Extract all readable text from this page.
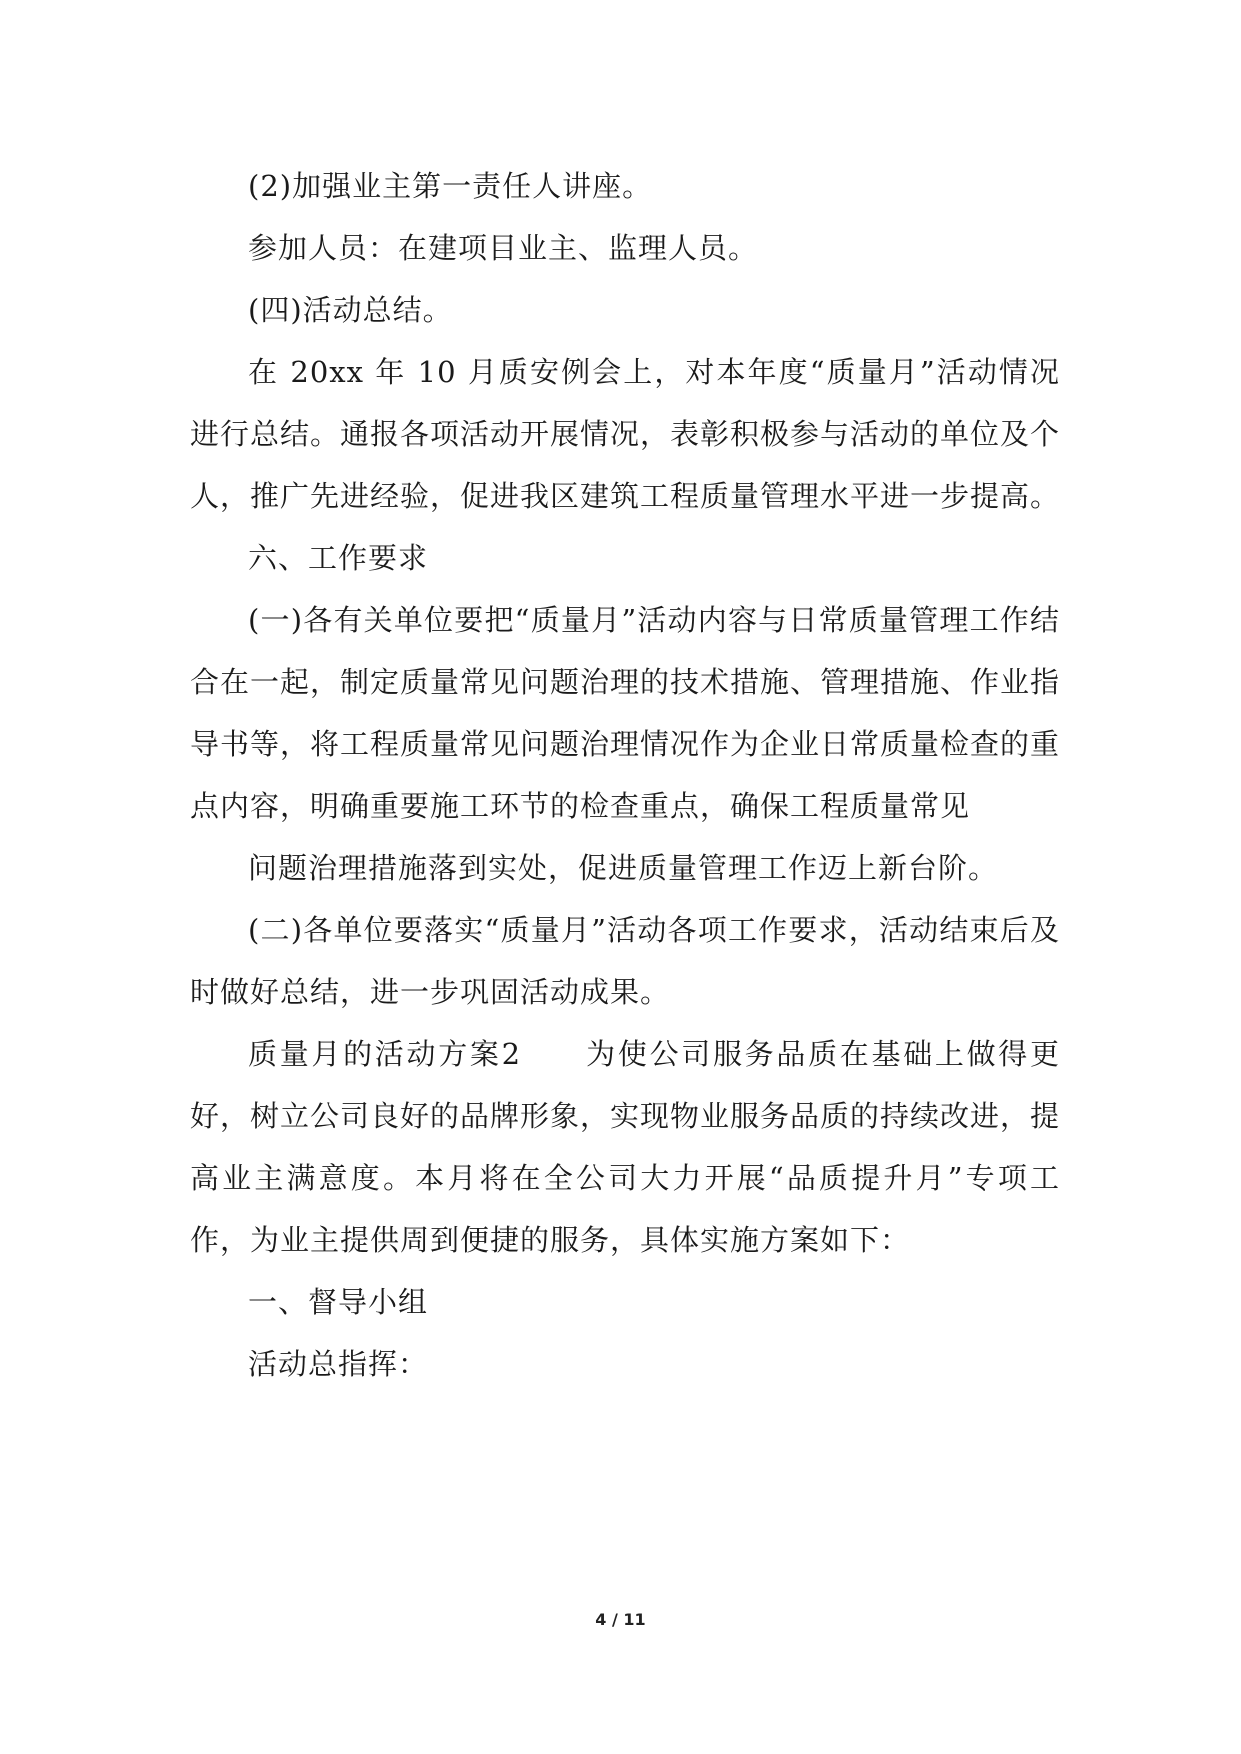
(2)加强业主第一责任人讲座。

参加人员：在建项目业主、监理人员。

(四)活动总结。

在 20xx 年 10 月质安例会上，对本年度“质量月”活动情况进行总结。通报各项活动开展情况，表彰积极参与活动的单位及个人，推广先进经验，促进我区建筑工程质量管理水平进一步提高。

六、工作要求

(一)各有关单位要把“质量月”活动内容与日常质量管理工作结合在一起，制定质量常见问题治理的技术措施、管理措施、作业指导书等，将工程质量常见问题治理情况作为企业日常质量检查的重点内容，明确重要施工环节的检查重点，确保工程质量常见

问题治理措施落到实处，促进质量管理工作迈上新台阶。

(二)各单位要落实“质量月”活动各项工作要求，活动结束后及时做好总结，进一步巩固活动成果。

质量月的活动方案2　　为使公司服务品质在基础上做得更好，树立公司良好的品牌形象，实现物业服务品质的持续改进，提高业主满意度。本月将在全公司大力开展“品质提升月”专项工作，为业主提供周到便捷的服务，具体实施方案如下：

一、督导小组

活动总指挥：

4 / 11
